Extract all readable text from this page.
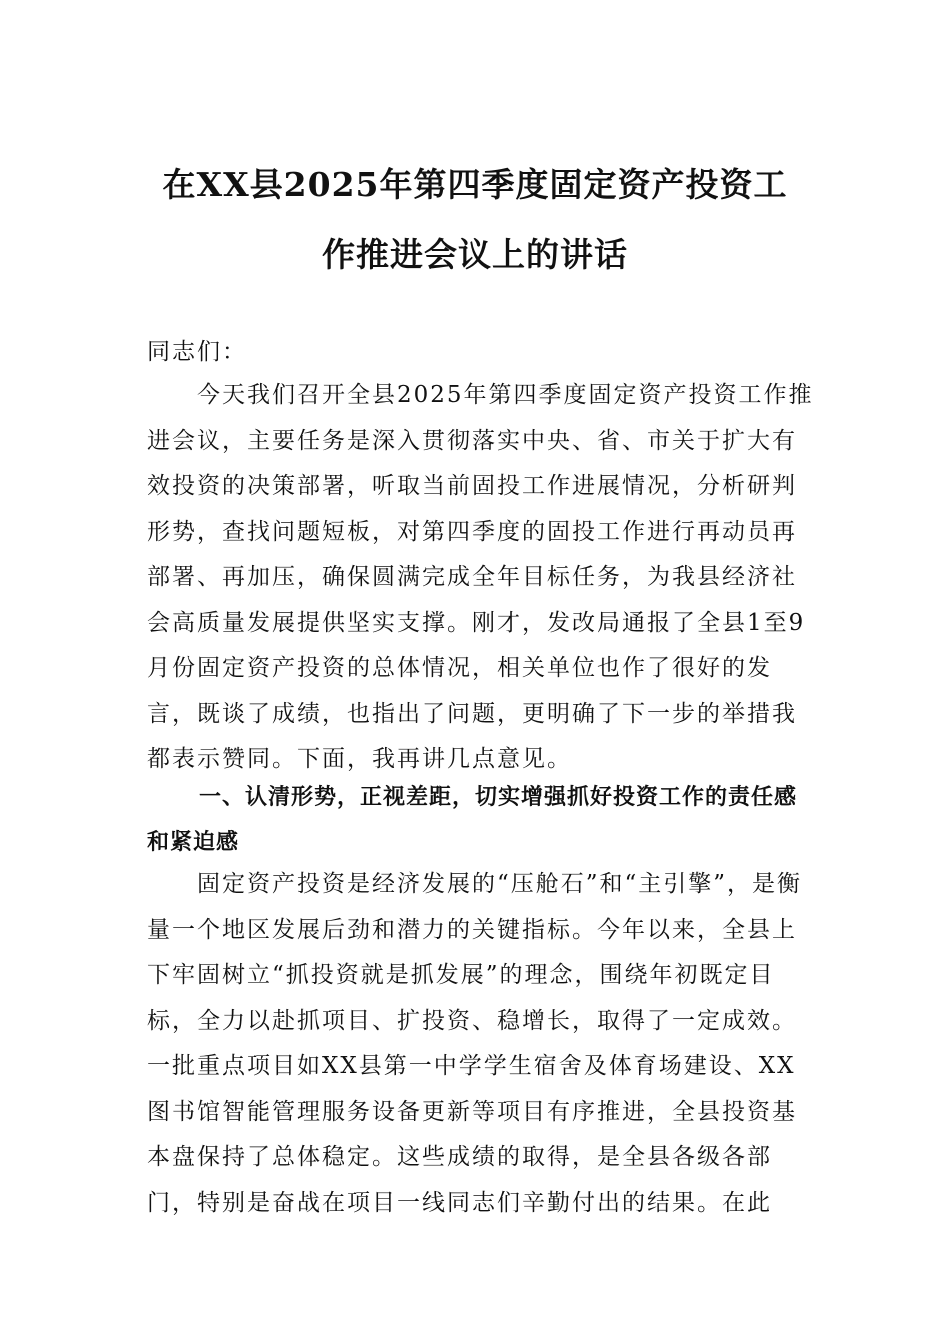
在XX县2025年第四季度固定资产投资工
作推进会议上的讲话
同志们：
今天我们召开全县2025年第四季度固定资产投资工作推进会议，主要任务是深入贯彻落实中央、省、市关于扩大有效投资的决策部署，听取当前固投工作进展情况，分析研判形势，查找问题短板，对第四季度的固投工作进行再动员再部署、再加压，确保圆满完成全年目标任务，为我县经济社会高质量发展提供坚实支撑。刚才，发改局通报了全县1至9月份固定资产投资的总体情况，相关单位也作了很好的发言，既谈了成绩，也指出了问题，更明确了下一步的举措我都表示赞同。下面，我再讲几点意见。
一、认清形势，正视差距，切实增强抓好投资工作的责任感和紧迫感
固定资产投资是经济发展的“压舱石”和“主引擎”，是衡量一个地区发展后劲和潜力的关键指标。今年以来，全县上下牢固树立“抓投资就是抓发展”的理念，围绕年初既定目标，全力以赴抓项目、扩投资、稳增长，取得了一定成效。一批重点项目如XX县第一中学学生宿舍及体育场建设、XX图书馆智能管理服务设备更新等项目有序推进，全县投资基本盘保持了总体稳定。这些成绩的取得，是全县各级各部门，特别是奋战在项目一线同志们辛勤付出的结果。在此
